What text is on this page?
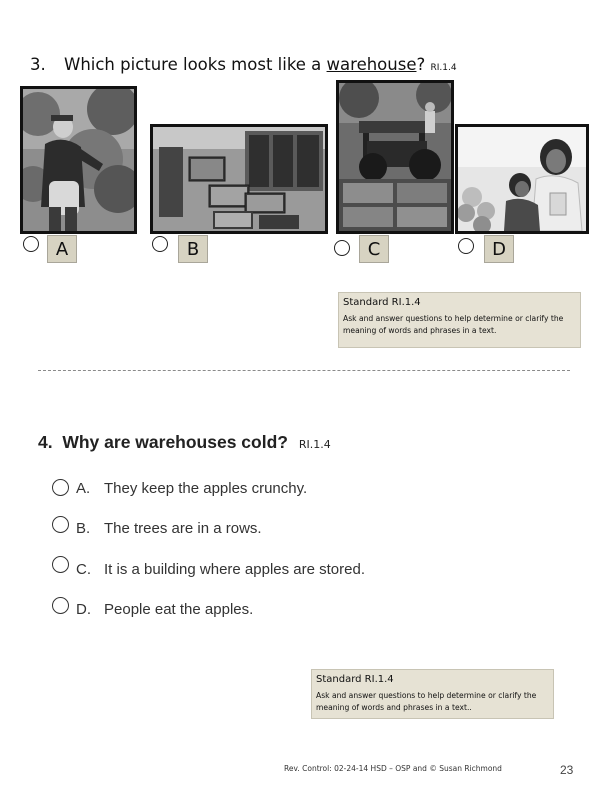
3. Which picture looks most like a warehouse? RI.1.4
A	B	C	D
Standard RI.1.4
Ask and answer questions to help determine or clarify the meaning of words and phrases in a text.
4. Why are warehouses cold? RI.1.4
A. They keep the apples crunchy.
B. The trees are in a rows.
C. It is a building where apples are stored.
D. People eat the apples.
Standard RI.1.4
Ask and answer questions to help determine or clarify the meaning of words and phrases in a text..
Rev. Control: 02-24-14 HSD – OSP and © Susan Richmond	23
